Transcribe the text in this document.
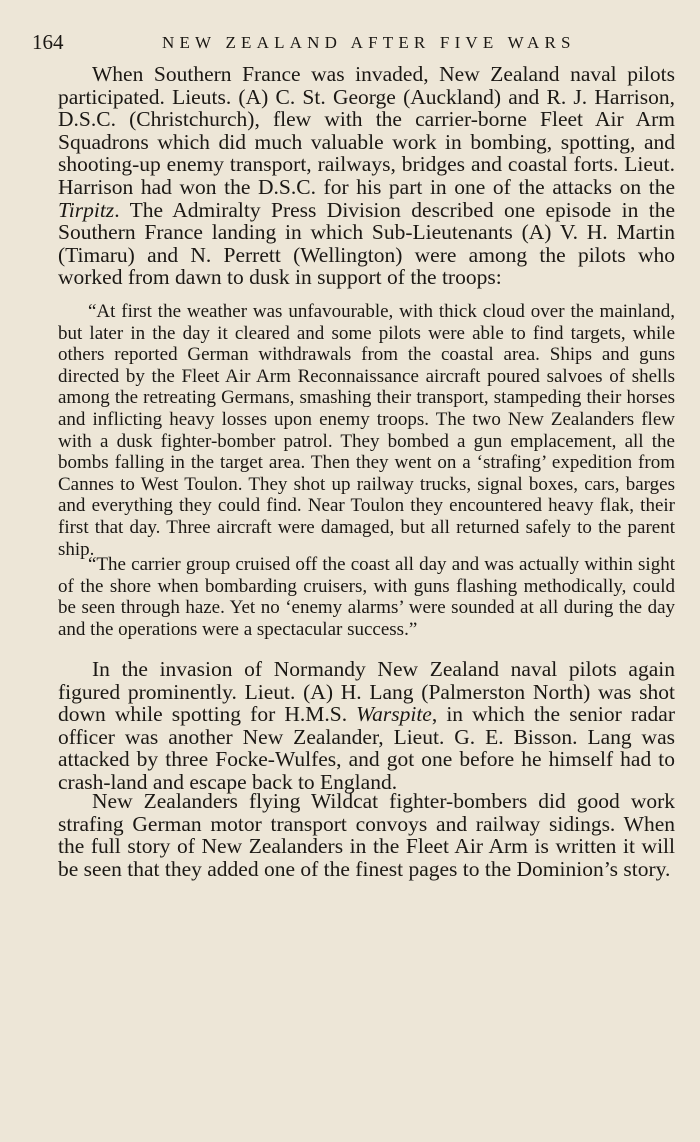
164	NEW ZEALAND AFTER FIVE WARS

When Southern France was invaded, New Zealand naval pilots participated. Lieuts. (A) C. St. George (Auckland) and R. J. Harrison, D.S.C. (Christchurch), flew with the carrier-borne Fleet Air Arm Squadrons which did much valuable work in bombing, spotting, and shooting-up enemy transport, railways, bridges and coastal forts. Lieut. Harrison had won the D.S.C. for his part in one of the attacks on the Tirpitz. The Admiralty Press Division described one episode in the Southern France landing in which Sub-Lieutenants (A) V. H. Martin (Timaru) and N. Perrett (Wellington) were among the pilots who worked from dawn to dusk in support of the troops:

“At first the weather was unfavourable, with thick cloud over the mainland, but later in the day it cleared and some pilots were able to find targets, while others reported German withdrawals from the coastal area. Ships and guns directed by the Fleet Air Arm Reconnaissance aircraft poured salvoes of shells among the retreating Germans, smashing their transport, stampeding their horses and inflicting heavy losses upon enemy troops. The two New Zealanders flew with a dusk fighter-bomber patrol. They bombed a gun emplacement, all the bombs falling in the target area. Then they went on a ‘strafing’ expedition from Cannes to West Toulon. They shot up railway trucks, signal boxes, cars, barges and everything they could find. Near Toulon they encountered heavy flak, their first that day. Three aircraft were damaged, but all returned safely to the parent ship.

“The carrier group cruised off the coast all day and was actually within sight of the shore when bombarding cruisers, with guns flashing methodically, could be seen through haze. Yet no ‘enemy alarms’ were sounded at all during the day and the operations were a spectacular success.”

In the invasion of Normandy New Zealand naval pilots again figured prominently. Lieut. (A) H. Lang (Palmerston North) was shot down while spotting for H.M.S. Warspite, in which the senior radar officer was another New Zealander, Lieut. G. E. Bisson. Lang was attacked by three Focke-Wulfes, and got one before he himself had to crash-land and escape back to England.

New Zealanders flying Wildcat fighter-bombers did good work strafing German motor transport convoys and railway sidings. When the full story of New Zealanders in the Fleet Air Arm is written it will be seen that they added one of the finest pages to the Dominion’s story.
